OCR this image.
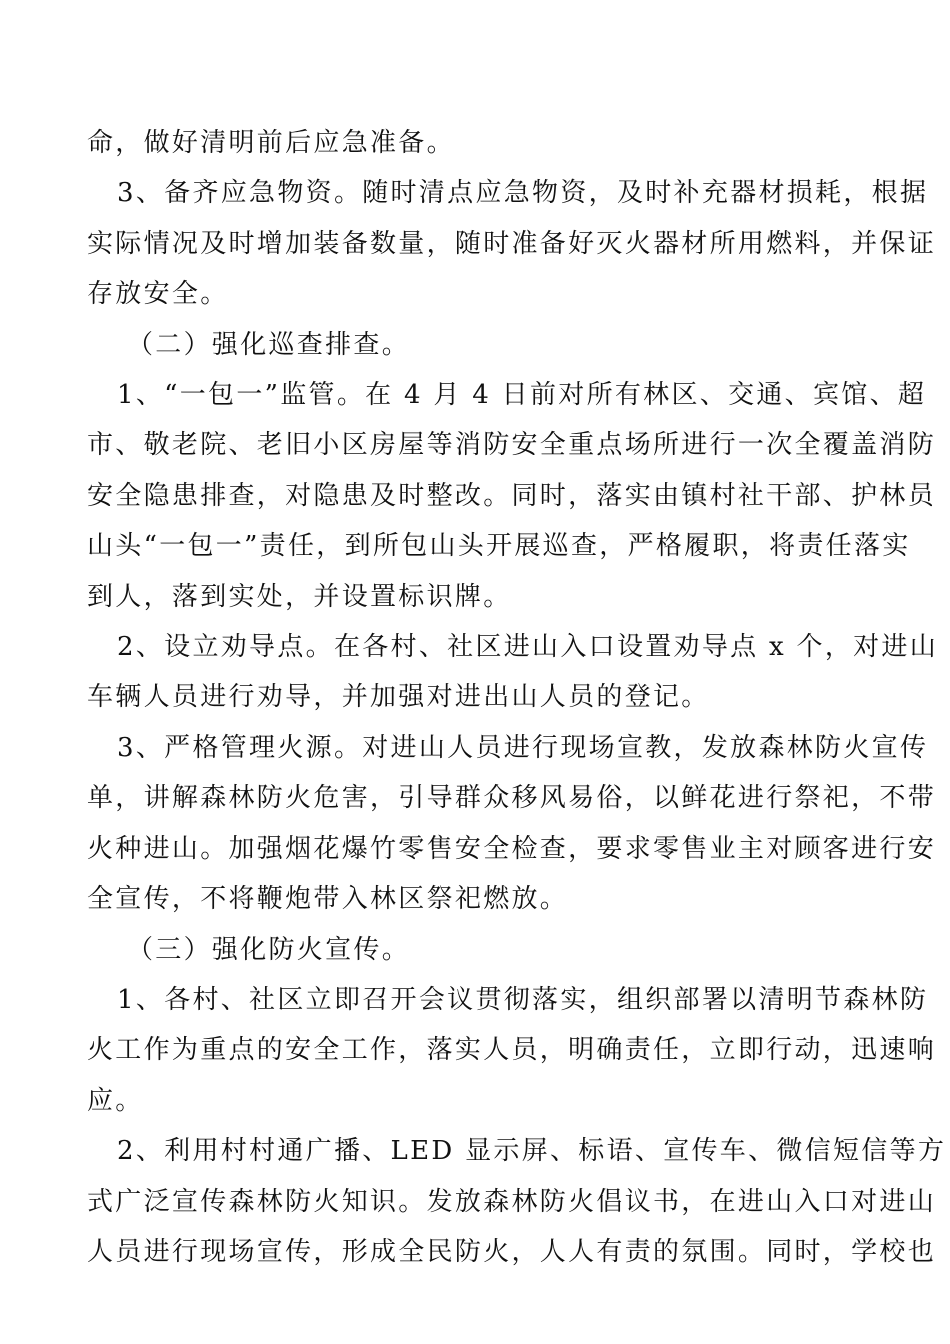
命，做好清明前后应急准备。
3、备齐应急物资。随时清点应急物资，及时补充器材损耗，根据
实际情况及时增加装备数量，随时准备好灭火器材所用燃料，并保证
存放安全。
（二）强化巡查排查。
1、“一包一”监管。在 4 月 4 日前对所有林区、交通、宾馆、超
市、敬老院、老旧小区房屋等消防安全重点场所进行一次全覆盖消防
安全隐患排查，对隐患及时整改。同时，落实由镇村社干部、护林员
山头“一包一”责任，到所包山头开展巡查，严格履职，将责任落实
到人，落到实处，并设置标识牌。
2、设立劝导点。在各村、社区进山入口设置劝导点 x 个，对进山
车辆人员进行劝导，并加强对进出山人员的登记。
3、严格管理火源。对进山人员进行现场宣教，发放森林防火宣传
单，讲解森林防火危害，引导群众移风易俗，以鲜花进行祭祀，不带
火种进山。加强烟花爆竹零售安全检查，要求零售业主对顾客进行安
全宣传，不将鞭炮带入林区祭祀燃放。
（三）强化防火宣传。
1、各村、社区立即召开会议贯彻落实，组织部署以清明节森林防
火工作为重点的安全工作，落实人员，明确责任，立即行动，迅速响
应。
2、利用村村通广播、LED 显示屏、标语、宣传车、微信短信等方
式广泛宣传森林防火知识。发放森林防火倡议书，在进山入口对进山
人员进行现场宣传，形成全民防火，人人有责的氛围。同时，学校也
